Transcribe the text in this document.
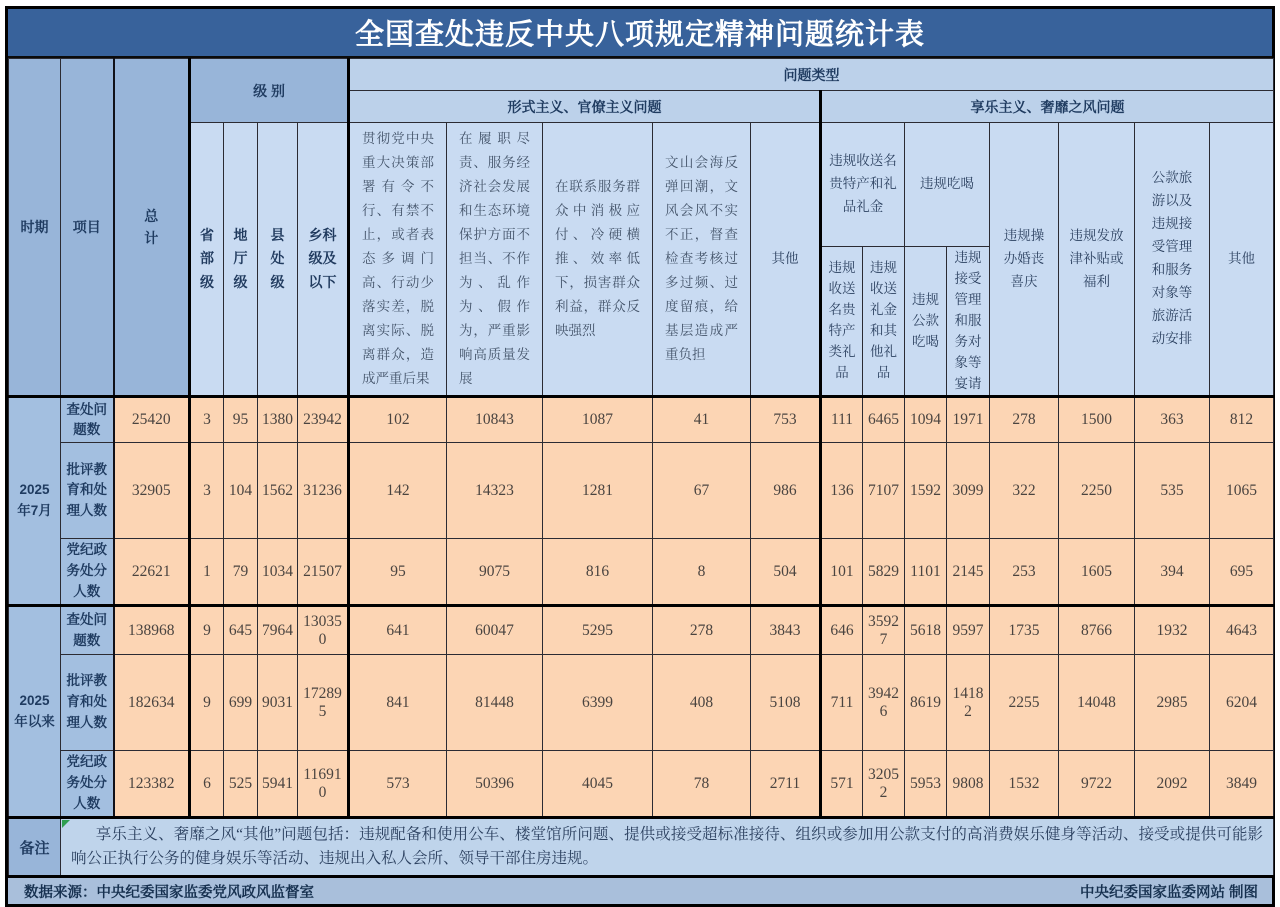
全国查处违反中央八项规定精神问题统计表
时期	项目	总计	级 别				问题类型												
							形式主义、官僚主义问题					享乐主义、奢靡之风问题							

			省部级	地厅级	县处级	乡科级及以下	贯彻党中央重大决策部署有令不行、有禁不止，或者表态多调门高、行动少落实差，脱离实际、脱离群众，造成严重后果	在履职尽责、服务经济社会发展和生态环境保护方面不担当、不作为、乱作为、假作为，严重影响高质量发展	在联系服务群众中消极应付、冷硬横推、效率低下，损害群众利益，群众反映强烈	文山会海反弹回潮，文风会风不实不正，督查检查考核过多过频、过度留痕，给基层造成严重负担	其他	违规收送名贵特产和礼品礼金		违规吃喝		违规操办婚丧喜庆	违规发放津补贴或福利	公款旅游以及违规接受管理和服务对象等旅游活动安排	其他

												违规收送名贵特产类礼品	违规收送礼金和其他礼品	违规公款吃喝	违规接受管理和服务对象等宴请				

2025年7月	查处问题数	25420	3	95	1380	23942	102	10843	1087	41	753	111	6465	1094	1971	278	1500	363	812

	批评教育和处理人数	32905	3	104	1562	31236	142	14323	1281	67	986	136	7107	1592	3099	322	2250	535	1065

	党纪政务处分人数	22621	1	79	1034	21507	95	9075	816	8	504	101	5829	1101	2145	253	1605	394	695

2025年以来	查处问题数	138968	9	645	7964	130350	641	60047	5295	278	3843	646	35927	5618	9597	1735	8766	1932	4643

	批评教育和处理人数	182634	9	699	9031	172895	841	81448	6399	408	5108	711	39426	8619	14182	2255	14048	2985	6204

	党纪政务处分人数	123382	6	525	5941	116910	573	50396	4045	78	2711	571	32052	5953	9808	1532	9722	2092	3849
备注	享乐主义、奢靡之风“其他”问题包括：违规配备和使用公车、楼堂馆所问题、提供或接受超标准接待、组织或参加用公款支付的高消费娱乐健身等活动、接受或提供可能影响公正执行公务的健身娱乐等活动、违规出入私人会所、领导干部住房违规。																		
数据来源：中央纪委国家监委党风政风监督室	中央纪委国家监委网站 制图
